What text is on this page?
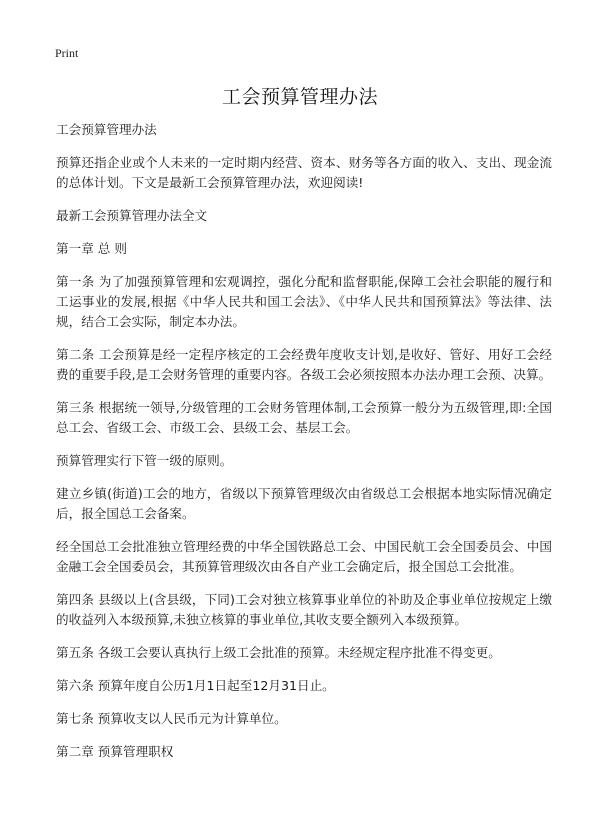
Print
工会预算管理办法

工会预算管理办法

预算还指企业或个人未来的一定时期内经营、资本、财务等各方面的收入、支出、现金流的总体计划。下文是最新工会预算管理办法，欢迎阅读!

最新工会预算管理办法全文

第一章 总 则

第一条 为了加强预算管理和宏观调控，强化分配和监督职能,保障工会社会职能的履行和工运事业的发展,根据《中华人民共和国工会法》、《中华人民共和国预算法》等法律、法规，结合工会实际，制定本办法。

第二条 工会预算是经一定程序核定的工会经费年度收支计划,是收好、管好、用好工会经费的重要手段,是工会财务管理的重要内容。各级工会必须按照本办法办理工会预、决算。

第三条 根据统一领导,分级管理的工会财务管理体制,工会预算一般分为五级管理,即:全国总工会、省级工会、市级工会、县级工会、基层工会。

预算管理实行下管一级的原则。

建立乡镇(街道)工会的地方，省级以下预算管理级次由省级总工会根据本地实际情况确定后，报全国总工会备案。

经全国总工会批准独立管理经费的中华全国铁路总工会、中国民航工会全国委员会、中国金融工会全国委员会，其预算管理级次由各自产业工会确定后，报全国总工会批准。

第四条 县级以上(含县级，下同)工会对独立核算事业单位的补助及企事业单位按规定上缴的收益列入本级预算,未独立核算的事业单位,其收支要全额列入本级预算。

第五条 各级工会要认真执行上级工会批准的预算。未经规定程序批准不得变更。

第六条 预算年度自公历1月1日起至12月31日止。

第七条 预算收支以人民币元为计算单位。

第二章 预算管理职权
